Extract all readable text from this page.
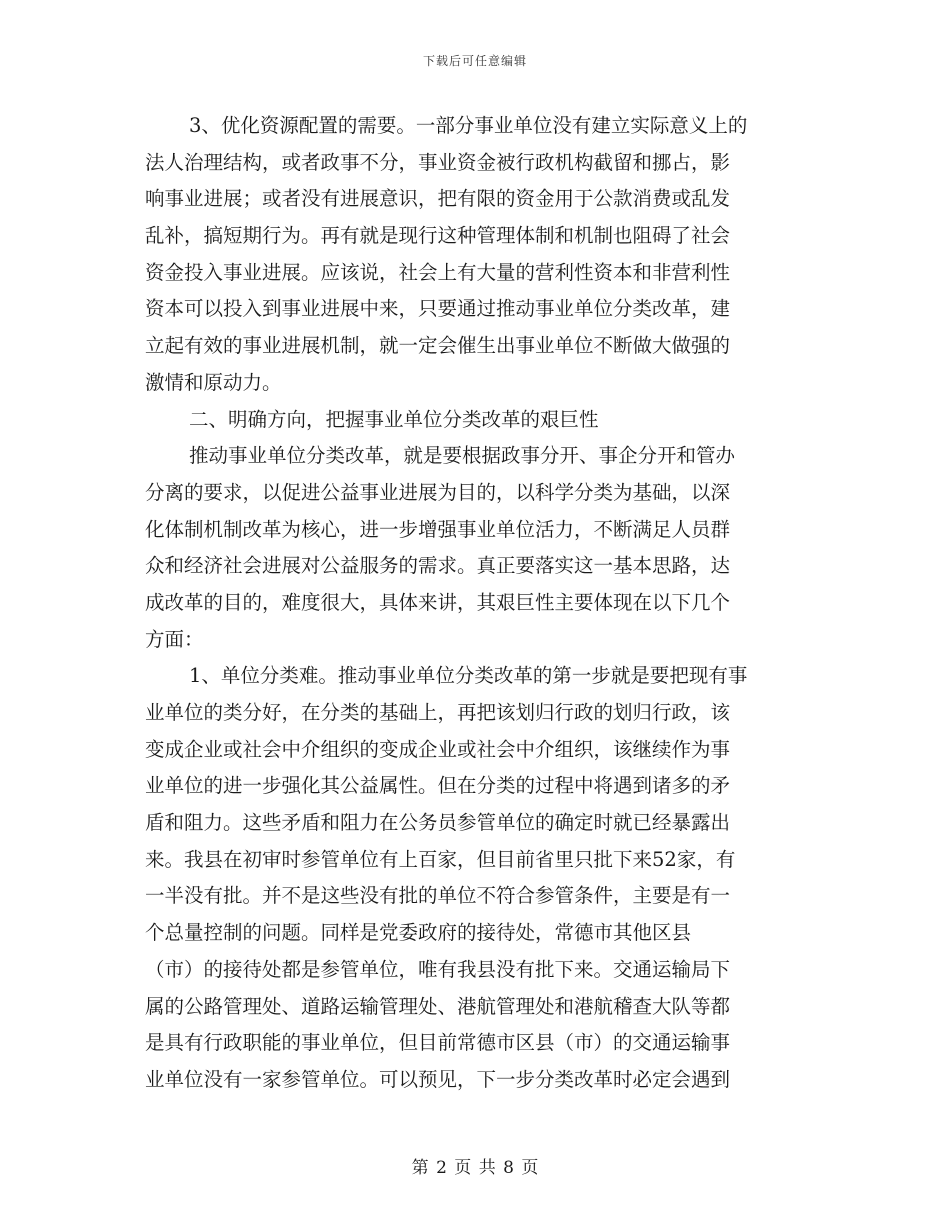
下载后可任意编辑
3、优化资源配置的需要。一部分事业单位没有建立实际意义上的
法人治理结构，或者政事不分，事业资金被行政机构截留和挪占，影
响事业进展；或者没有进展意识，把有限的资金用于公款消费或乱发
乱补，搞短期行为。再有就是现行这种管理体制和机制也阻碍了社会
资金投入事业进展。应该说，社会上有大量的营利性资本和非营利性
资本可以投入到事业进展中来，只要通过推动事业单位分类改革，建
立起有效的事业进展机制，就一定会催生出事业单位不断做大做强的
激情和原动力。
二、明确方向，把握事业单位分类改革的艰巨性
推动事业单位分类改革，就是要根据政事分开、事企分开和管办
分离的要求，以促进公益事业进展为目的，以科学分类为基础，以深
化体制机制改革为核心，进一步增强事业单位活力，不断满足人员群
众和经济社会进展对公益服务的需求。真正要落实这一基本思路，达
成改革的目的，难度很大，具体来讲，其艰巨性主要体现在以下几个
方面：
1、单位分类难。推动事业单位分类改革的第一步就是要把现有事
业单位的类分好，在分类的基础上，再把该划归行政的划归行政，该
变成企业或社会中介组织的变成企业或社会中介组织，该继续作为事
业单位的进一步强化其公益属性。但在分类的过程中将遇到诸多的矛
盾和阻力。这些矛盾和阻力在公务员参管单位的确定时就已经暴露出
来。我县在初审时参管单位有上百家，但目前省里只批下来52家，有
一半没有批。并不是这些没有批的单位不符合参管条件，主要是有一
个总量控制的问题。同样是党委政府的接待处，常德市其他区县
（市）的接待处都是参管单位，唯有我县没有批下来。交通运输局下
属的公路管理处、道路运输管理处、港航管理处和港航稽查大队等都
是具有行政职能的事业单位，但目前常德市区县（市）的交通运输事
业单位没有一家参管单位。可以预见，下一步分类改革时必定会遇到
第 2 页 共 8 页
